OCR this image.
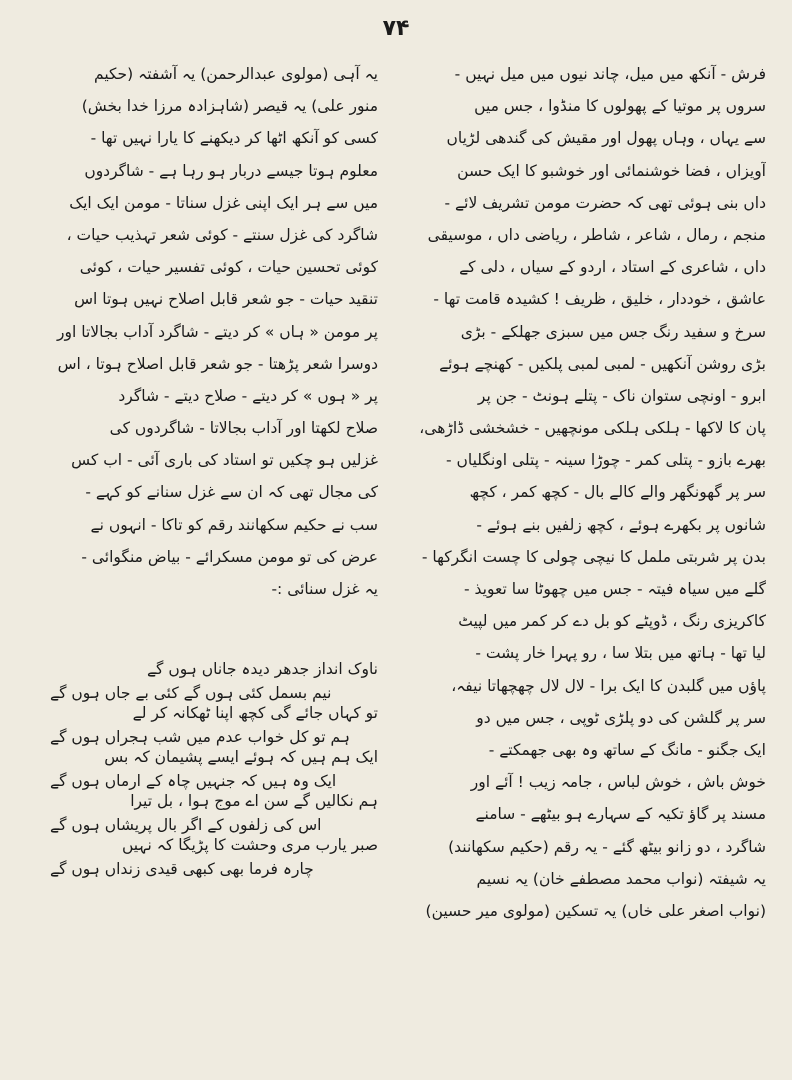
۷۴
فرش - آنکھ میں میل، چاند نیوں میں میل نہیں -
سروں پر موتیا کے پھولوں کا منڈوا ، جس میں
سے یہاں ، وہاں پھول اور مقیش کی گندھی لڑیاں
آویزاں ، فضا خوشنمائی اور خوشبو کا ایک حسن
داں بنی ہوئی تھی کہ حضرت مومن تشریف لائے -
منجم ، رمال ، شاعر ، شاطر ، ریاضی داں ، موسیقی
داں ، شاعری کے استاد ، اردو کے سیاں ، دلی کے
عاشق ، خوددار ، خلیق ، ظریف ! کشیدہ قامت تھا -
سرخ و سفید رنگ جس میں سبزی جھلکے - بڑی
بڑی روشن آنکھیں - لمبی لمبی پلکیں - کھنچے ہوئے
ابرو - اونچی ستوان ناک - پتلے ہونٹ - جن پر
پان کا لاکھا - ہلکی ہلکی مونچھیں - خشخشی ڈاڑھی،
بھرے بازو - پتلی کمر - چوڑا سینہ - پتلی اونگلیاں -
سر پر گھونگھر والے کالے بال - کچھ کمر ، کچھ
شانوں پر بکھرے ہوئے ، کچھ زلفیں بنے ہوئے -
بدن پر شربتی ململ کا نیچی چولی کا چست انگرکھا -
گلے میں سیاہ فیتہ - جس میں چھوٹا سا تعویذ -
کاکریزی رنگ ، ڈوپٹے کو بل دے کر کمر میں لپیٹ
لیا تھا - ہاتھ میں بتلا سا ، رو پہرا خار پشت -
پاؤں میں گلبدن کا ایک برا - لال لال چھچھاتا نیفہ،
سر پر گلشن کی دو پلڑی ٹوپی ، جس میں دو
ایک جگنو - مانگ کے ساتھ وہ بھی جھمکتے -
خوش باش ، خوش لباس ، جامہ زیب ! آئے اور
مسند پر گاؤ تکیہ کے سہارے ہو بیٹھے - سامنے
شاگرد ، دو زانو بیٹھ گئے - یہ رقم (حکیم سکھانند)
یہ شیفتہ (نواب محمد مصطفے خان) یہ نسیم
(نواب اصغر علی خاں) یہ تسکین (مولوی میر حسین)
یہ آہی (مولوی عبدالرحمن) یہ آشفتہ (حکیم
منور علی) یہ قیصر (شاہزادہ مرزا خدا بخش)
کسی کو آنکھ اٹھا کر دیکھنے کا یارا نہیں تھا -
معلوم ہوتا جیسے دربار ہو رہا ہے - شاگردوں
میں سے ہر ایک اپنی غزل سناتا - مومن ایک ایک
شاگرد کی غزل سنتے - کوئی شعر تہذیب حیات ،
کوئی تحسین حیات ، کوئی تفسیر حیات ، کوئی
تنقید حیات - جو شعر قابل اصلاح نہیں ہوتا اس
پر مومن « ہاں » کر دیتے - شاگرد آداب بجالاتا اور
دوسرا شعر پڑھتا - جو شعر قابل اصلاح ہوتا ، اس
پر « ہوں » کر دیتے - صلاح دیتے - شاگرد
صلاح لکھتا اور آداب بجالاتا - شاگردوں کی
غزلیں ہو چکیں تو استاد کی باری آئی - اب کس
کی مجال تھی کہ ان سے غزل سنانے کو کہے -
سب نے حکیم سکھانند رقم کو تاکا - انہوں نے
عرض کی تو مومن مسکرائے - بیاض منگوائی -
یہ غزل سنائی :-
ناوک انداز جدھر دیدہ جاناں ہوں گے
نیم بسمل کئی ہوں گے کئی بے جاں ہوں گے
تو کہاں جائے گی کچھ اپنا ٹھکانہ کر لے
ہم تو کل خواب عدم میں شب ہجراں ہوں گے
ایک ہم ہیں کہ ہوئے ایسے پشیمان کہ بس
ایک وہ ہیں کہ جنہیں چاہ کے ارماں ہوں گے
ہم نکالیں گے سن اے موج ہوا ، بل تیرا
اس کی زلفوں کے اگر بال پریشاں ہوں گے
صبر یارب مری وحشت کا پڑیگا کہ نہیں
چارہ فرما بھی کبھی قیدی زنداں ہوں گے
